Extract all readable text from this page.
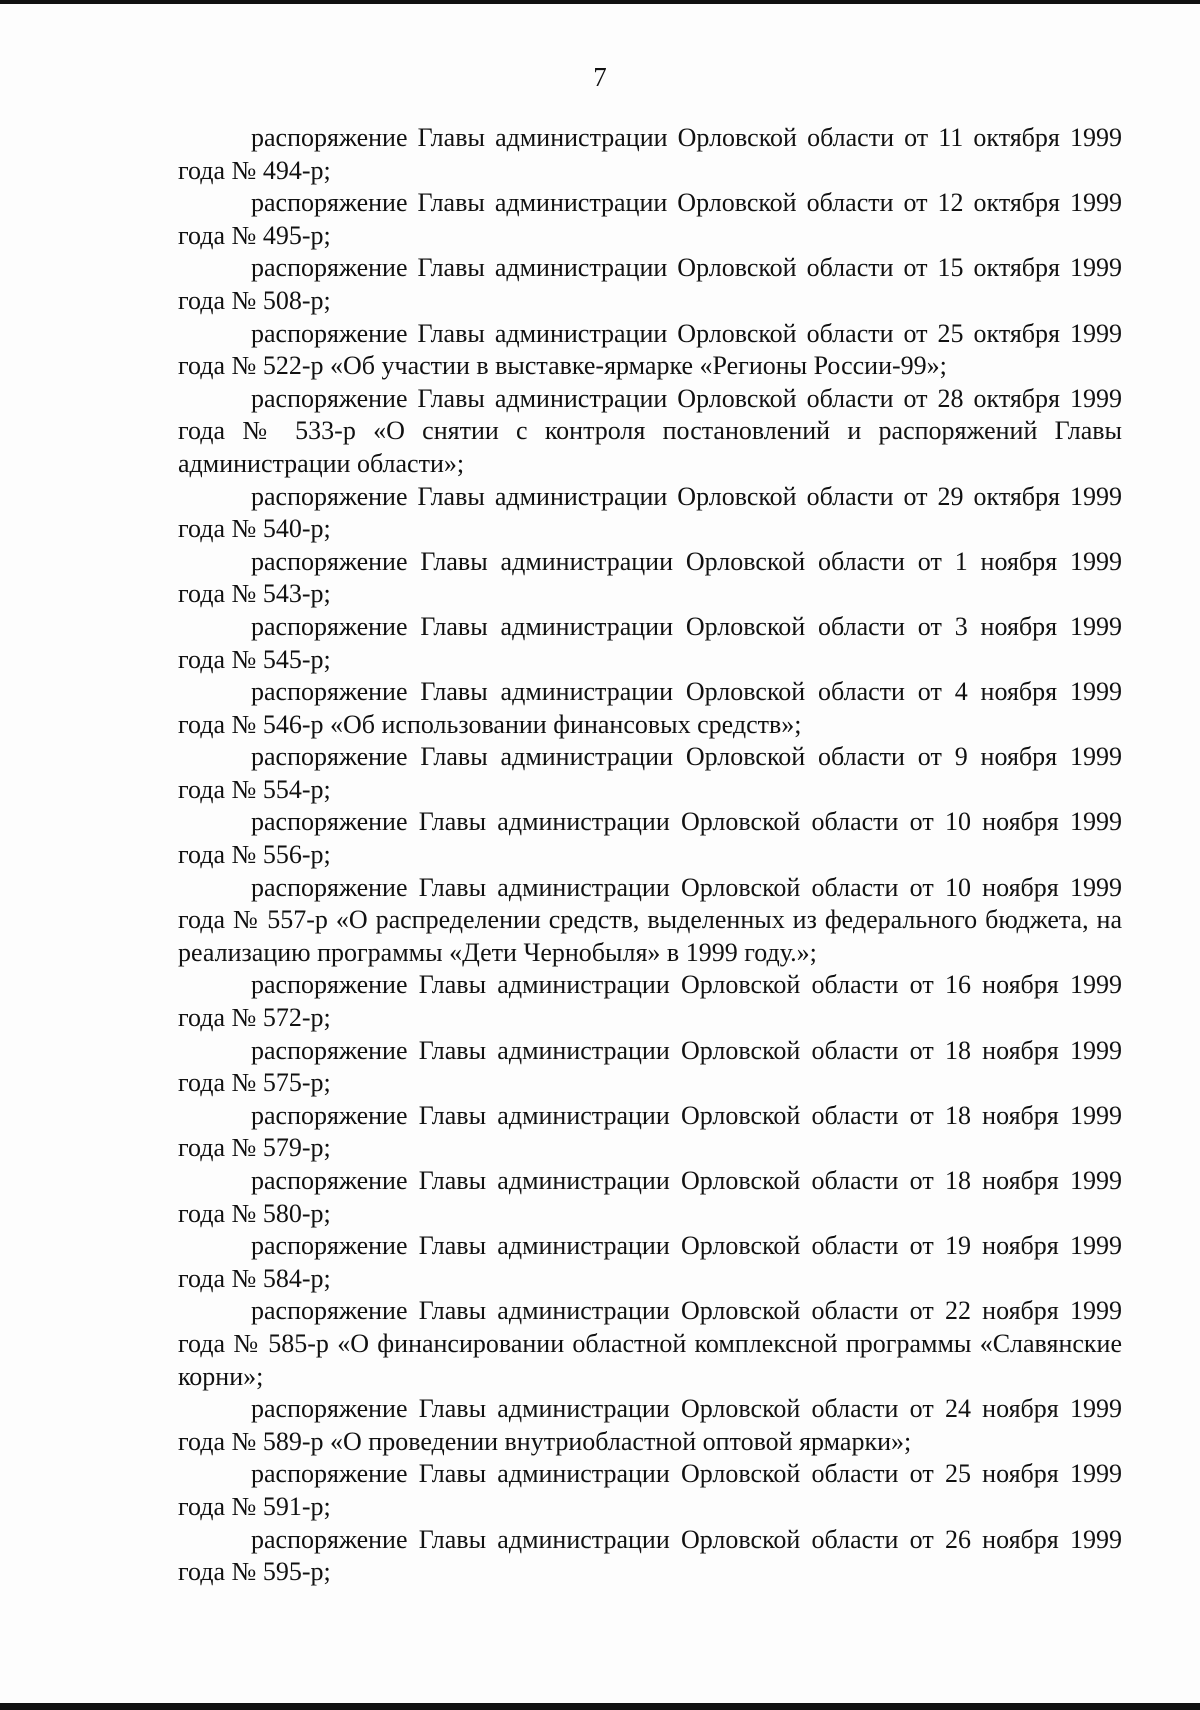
7

распоряжение Главы администрации Орловской области от 11 октября 1999 года № 494-р;

распоряжение Главы администрации Орловской области от 12 октября 1999 года № 495-р;

распоряжение Главы администрации Орловской области от 15 октября 1999 года № 508-р;

распоряжение Главы администрации Орловской области от 25 октября 1999 года № 522-р «Об участии в выставке-ярмарке «Регионы России-99»;

распоряжение Главы администрации Орловской области от 28 октября 1999 года № 533-р «О снятии с контроля постановлений и распоряжений Главы администрации области»;

распоряжение Главы администрации Орловской области от 29 октября 1999 года № 540-р;

распоряжение Главы администрации Орловской области от 1 ноября 1999 года № 543-р;

распоряжение Главы администрации Орловской области от 3 ноября 1999 года № 545-р;

распоряжение Главы администрации Орловской области от 4 ноября 1999 года № 546-р «Об использовании финансовых средств»;

распоряжение Главы администрации Орловской области от 9 ноября 1999 года № 554-р;

распоряжение Главы администрации Орловской области от 10 ноября 1999 года № 556-р;

распоряжение Главы администрации Орловской области от 10 ноября 1999 года № 557-р «О распределении средств, выделенных из федерального бюджета, на реализацию программы «Дети Чернобыля» в 1999 году.»;

распоряжение Главы администрации Орловской области от 16 ноября 1999 года № 572-р;

распоряжение Главы администрации Орловской области от 18 ноября 1999 года № 575-р;

распоряжение Главы администрации Орловской области от 18 ноября 1999 года № 579-р;

распоряжение Главы администрации Орловской области от 18 ноября 1999 года № 580-р;

распоряжение Главы администрации Орловской области от 19 ноября 1999 года № 584-р;

распоряжение Главы администрации Орловской области от 22 ноября 1999 года № 585-р «О финансировании областной комплексной программы «Славянские корни»;

распоряжение Главы администрации Орловской области от 24 ноября 1999 года № 589-р «О проведении внутриобластной оптовой ярмарки»;

распоряжение Главы администрации Орловской области от 25 ноября 1999 года № 591-р;

распоряжение Главы администрации Орловской области от 26 ноября 1999 года № 595-р;
